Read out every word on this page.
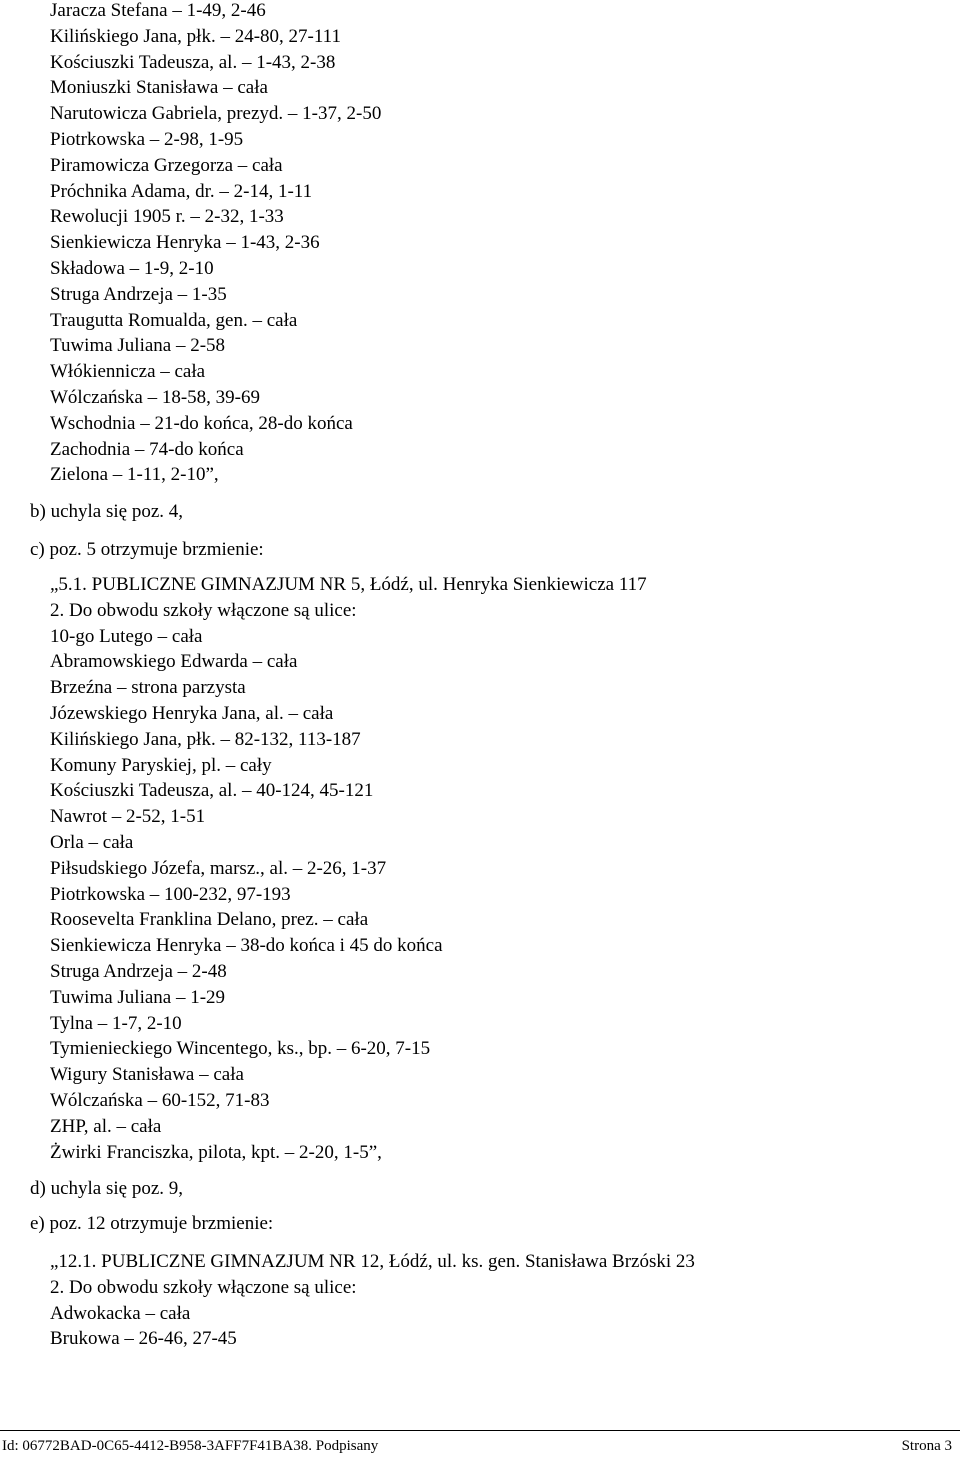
Jaracza Stefana – 1-49, 2-46
Kilińskiego Jana, płk. – 24-80, 27-111
Kościuszki Tadeusza, al. – 1-43, 2-38
Moniuszki Stanisława – cała
Narutowicza Gabriela, prezyd. – 1-37, 2-50
Piotrkowska – 2-98, 1-95
Piramowicza Grzegorza – cała
Próchnika Adama, dr. – 2-14, 1-11
Rewolucji 1905 r. – 2-32, 1-33
Sienkiewicza Henryka – 1-43, 2-36
Składowa – 1-9, 2-10
Struga Andrzeja – 1-35
Traugutta Romualda, gen. – cała
Tuwima Juliana – 2-58
Włókiennicza – cała
Wólczańska – 18-58, 39-69
Wschodnia – 21-do końca, 28-do końca
Zachodnia – 74-do końca
Zielona – 1-11, 2-10”,
b) uchyla się poz. 4,
c) poz. 5 otrzymuje brzmienie:
„5.1. PUBLICZNE GIMNAZJUM NR 5, Łódź, ul. Henryka Sienkiewicza 117
2. Do obwodu szkoły włączone są ulice:
10-go Lutego – cała
Abramowskiego Edwarda – cała
Brzeźna – strona parzysta
Józewskiego Henryka Jana, al. – cała
Kilińskiego Jana, płk. – 82-132, 113-187
Komuny Paryskiej, pl. – cały
Kościuszki Tadeusza, al. – 40-124, 45-121
Nawrot – 2-52, 1-51
Orla – cała
Piłsudskiego Józefa, marsz., al. – 2-26, 1-37
Piotrkowska – 100-232, 97-193
Roosevelta Franklina Delano, prez. – cała
Sienkiewicza Henryka – 38-do końca i 45 do końca
Struga Andrzeja – 2-48
Tuwima Juliana – 1-29
Tylna – 1-7, 2-10
Tymienieckiego Wincentego, ks., bp. – 6-20, 7-15
Wigury Stanisława – cała
Wólczańska – 60-152, 71-83
ZHP, al. – cała
Żwirki Franciszka, pilota, kpt. – 2-20, 1-5”,
d) uchyla się poz. 9,
e) poz. 12 otrzymuje brzmienie:
„12.1. PUBLICZNE GIMNAZJUM NR 12, Łódź, ul. ks. gen. Stanisława Brzóski 23
2. Do obwodu szkoły włączone są ulice:
Adwokacka – cała
Brukowa – 26-46, 27-45
Id: 06772BAD-0C65-4412-B958-3AFF7F41BA38. Podpisany	Strona 3
